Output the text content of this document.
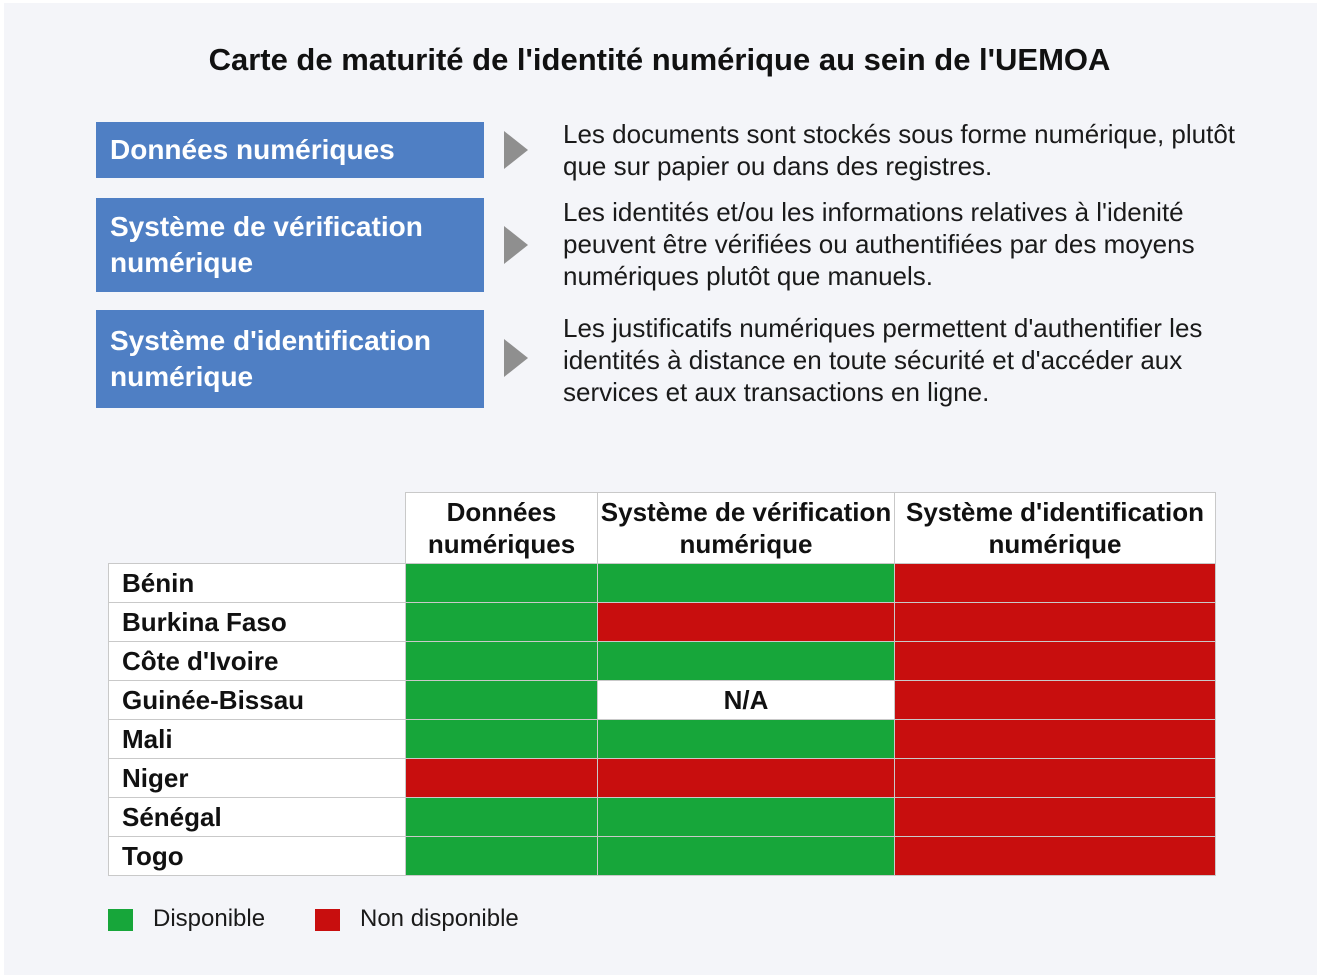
Carte de maturité de l'identité numérique au sein de l'UEMOA
Données numériques	Les documents sont stockés sous forme numérique, plutôt que sur papier ou dans des registres.
Système de vérification numérique
Les identités et/ou les informations relatives à l'idenité peuvent être vérifiées ou authentifiées par des moyens numériques plutôt que manuels.
Système d'identification numérique
Les justificatifs numériques permettent d'authentifier les identités à distance en toute sécurité et d'accéder aux services et aux transactions en ligne.
	Données numériques	Système de vérification numérique	Système d'identification numérique
Bénin			
Burkina Faso			
Côte d'Ivoire			
Guinée-Bissau		N/A	
Mali			
Niger			
Sénégal			
Togo			
Disponible	Non disponible
